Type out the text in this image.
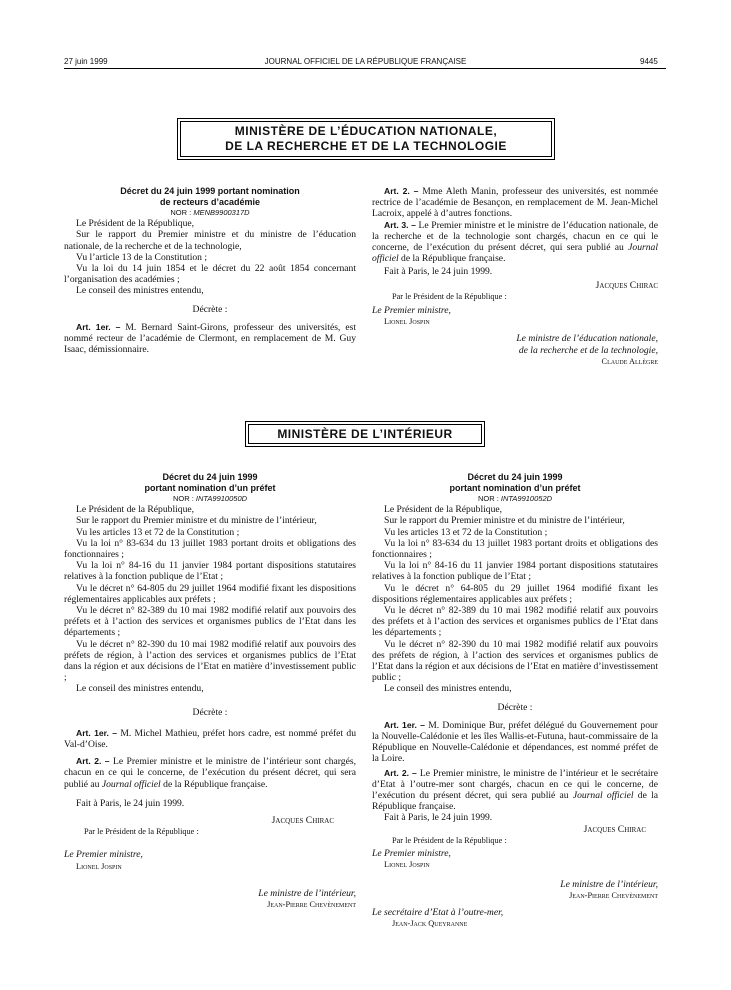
27 juin 1999	JOURNAL OFFICIEL DE LA RÉPUBLIQUE FRANÇAISE	9445
MINISTÈRE DE L’ÉDUCATION NATIONALE,
DE LA RECHERCHE ET DE LA TECHNOLOGIE

Décret du 24 juin 1999 portant nomination

de recteurs d’académie

NOR : MENB9900317D

Le Président de la République,

Sur le rapport du Premier ministre et du ministre de l’éducation nationale, de la recherche et de la technologie,

Vu l’article 13 de la Constitution ;

Vu la loi du 14 juin 1854 et le décret du 22 août 1854 concernant l’organisation des académies ;

Le conseil des ministres entendu,

Décrète :

Art. 1er. – M. Bernard Saint-Girons, professeur des universités, est nommé recteur de l’académie de Clermont, en remplacement de M. Guy Isaac, démissionnaire.

Art. 2. – Mme Aleth Manin, professeur des universités, est nommée rectrice de l’académie de Besançon, en remplacement de M. Jean-Michel Lacroix, appelé à d’autres fonctions.

Art. 3. – Le Premier ministre et le ministre de l’éducation nationale, de la recherche et de la technologie sont chargés, chacun en ce qui le concerne, de l’exécution du présent décret, qui sera publié au Journal officiel de la République française.

Fait à Paris, le 24 juin 1999.

Jacques Chirac

Par le Président de la République :

Le Premier ministre,

Lionel Jospin

Le ministre de l’éducation nationale,

de la recherche et de la technologie,

Claude Allègre

MINISTÈRE DE L’INTÉRIEUR

Décret du 24 juin 1999

portant nomination d’un préfet

NOR : INTA9910050D

Le Président de la République,

Sur le rapport du Premier ministre et du ministre de l’intérieur,

Vu les articles 13 et 72 de la Constitution ;

Vu la loi n° 83-634 du 13 juillet 1983 portant droits et obligations des fonctionnaires ;

Vu la loi n° 84-16 du 11 janvier 1984 portant dispositions statutaires relatives à la fonction publique de l’Etat ;

Vu le décret n° 64-805 du 29 juillet 1964 modifié fixant les dispositions réglementaires applicables aux préfets ;

Vu le décret n° 82-389 du 10 mai 1982 modifié relatif aux pouvoirs des préfets et à l’action des services et organismes publics de l’Etat dans les départements ;

Vu le décret n° 82-390 du 10 mai 1982 modifié relatif aux pouvoirs des préfets de région, à l’action des services et organismes publics de l’Etat dans la région et aux décisions de l’Etat en matière d’investissement public ;

Le conseil des ministres entendu,

Décrète :

Art. 1er. – M. Michel Mathieu, préfet hors cadre, est nommé préfet du Val-d’Oise.

Art. 2. – Le Premier ministre et le ministre de l’intérieur sont chargés, chacun en ce qui le concerne, de l’exécution du présent décret, qui sera publié au Journal officiel de la République française.

Fait à Paris, le 24 juin 1999.

Jacques Chirac

Par le Président de la République :

Le Premier ministre,

Lionel Jospin

Le ministre de l’intérieur,

Jean-Pierre Chevènement

Décret du 24 juin 1999

portant nomination d’un préfet

NOR : INTA9910052D

Le Président de la République,

Sur le rapport du Premier ministre et du ministre de l’intérieur,

Vu les articles 13 et 72 de la Constitution ;

Vu la loi n° 83-634 du 13 juillet 1983 portant droits et obligations des fonctionnaires ;

Vu la loi n° 84-16 du 11 janvier 1984 portant dispositions statutaires relatives à la fonction publique de l’Etat ;

Vu le décret n° 64-805 du 29 juillet 1964 modifié fixant les dispositions réglementaires applicables aux préfets ;

Vu le décret n° 82-389 du 10 mai 1982 modifié relatif aux pouvoirs des préfets et à l’action des services et organismes publics de l’Etat dans les départements ;

Vu le décret n° 82-390 du 10 mai 1982 modifié relatif aux pouvoirs des préfets de région, à l’action des services et organismes publics de l’Etat dans la région et aux décisions de l’Etat en matière d’investissement public ;

Le conseil des ministres entendu,

Décrète :

Art. 1er. – M. Dominique Bur, préfet délégué du Gouvernement pour la Nouvelle-Calédonie et les îles Wallis-et-Futuna, haut-commissaire de la République en Nouvelle-Calédonie et dépendances, est nommé préfet de la Loire.

Art. 2. – Le Premier ministre, le ministre de l’intérieur et le secrétaire d’Etat à l’outre-mer sont chargés, chacun en ce qui le concerne, de l’exécution du présent décret, qui sera publié au Journal officiel de la République française.

Fait à Paris, le 24 juin 1999.

Jacques Chirac

Par le Président de la République :

Le Premier ministre,

Lionel Jospin

Le ministre de l’intérieur,

Jean-Pierre Chevènement

Le secrétaire d’Etat à l’outre-mer,

Jean-Jack Queyranne
